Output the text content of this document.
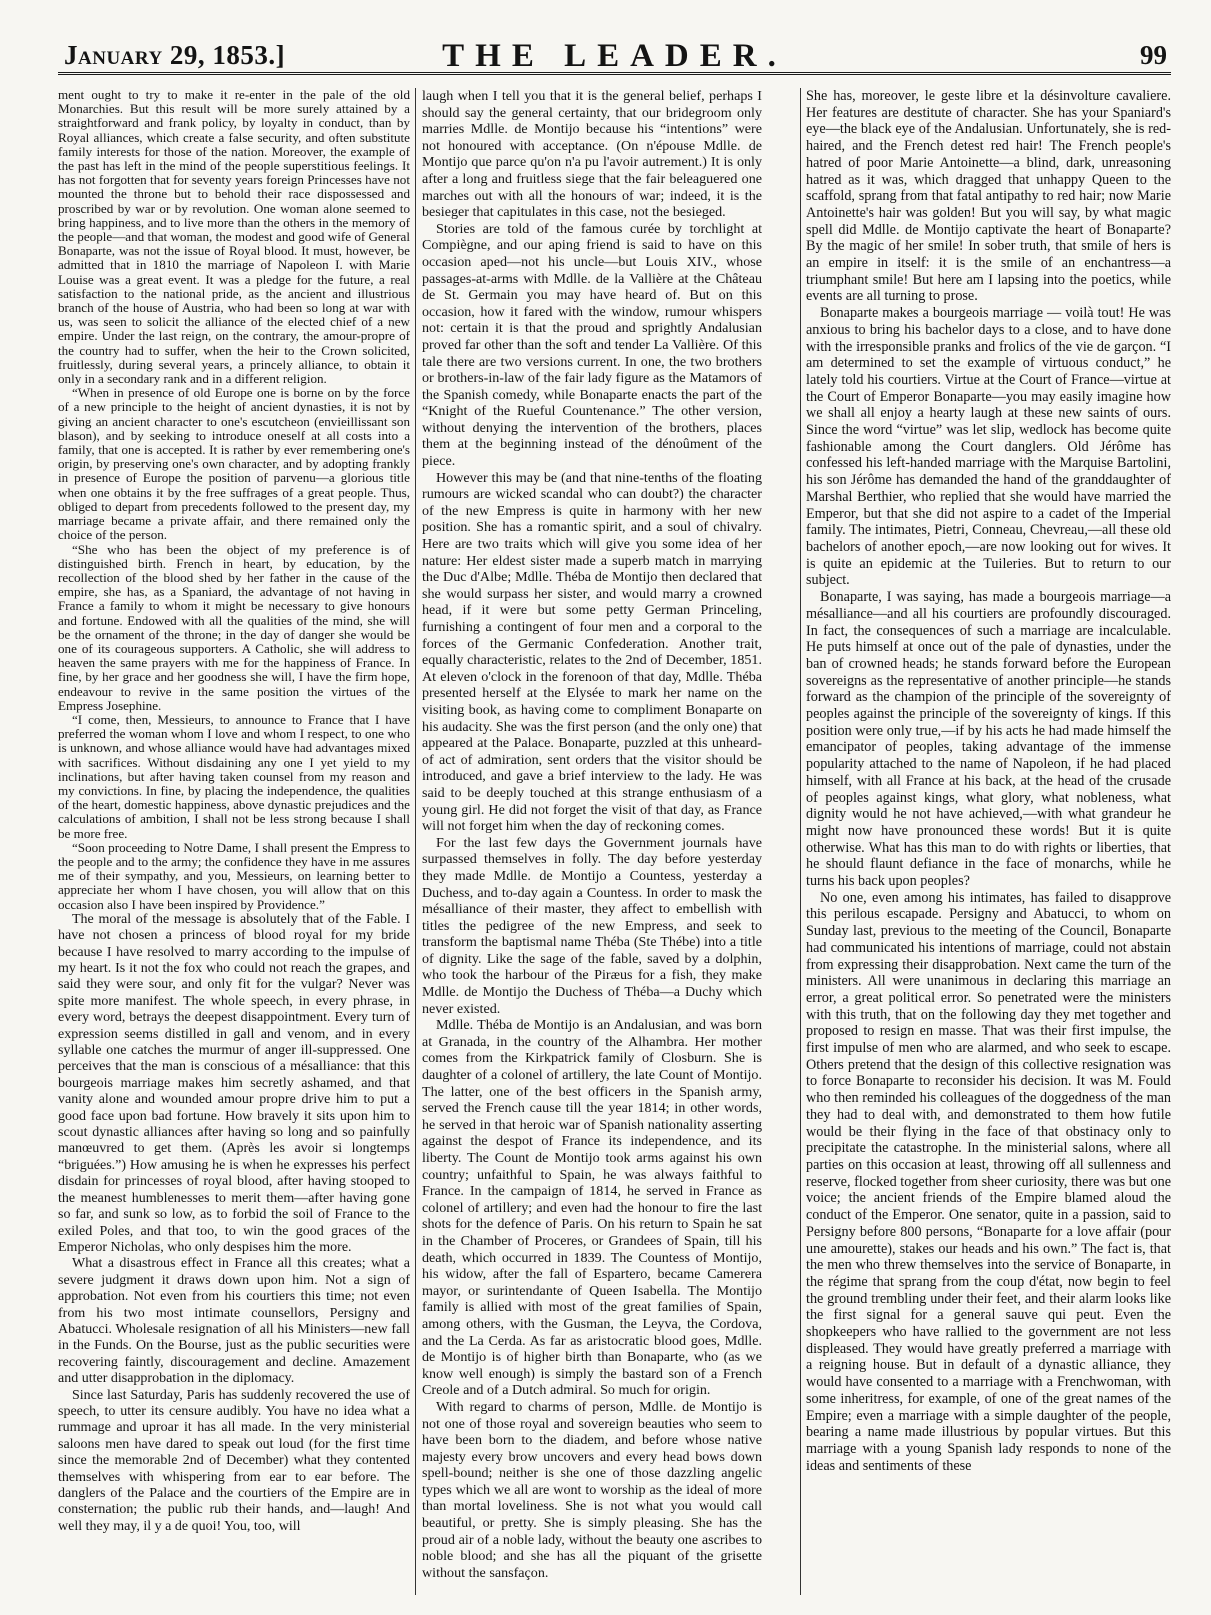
January 29, 1853.]	THE LEADER.	99

ment ought to try to make it re-enter in the pale of the old Monarchies. But this result will be more surely attained by a straightforward and frank policy, by loyalty in conduct, than by Royal alliances, which create a false security, and often substitute family interests for those of the nation. Moreover, the example of the past has left in the mind of the people superstitious feelings. It has not forgotten that for seventy years foreign Princesses have not mounted the throne but to behold their race dispossessed and proscribed by war or by revolution. One woman alone seemed to bring happiness, and to live more than the others in the memory of the people—and that woman, the modest and good wife of General Bonaparte, was not the issue of Royal blood. It must, however, be admitted that in 1810 the marriage of Napoleon I. with Marie Louise was a great event. It was a pledge for the future, a real satisfaction to the national pride, as the ancient and illustrious branch of the house of Austria, who had been so long at war with us, was seen to solicit the alliance of the elected chief of a new empire. Under the last reign, on the contrary, the amour-propre of the country had to suffer, when the heir to the Crown solicited, fruitlessly, during several years, a princely alliance, to obtain it only in a secondary rank and in a different religion.

“When in presence of old Europe one is borne on by the force of a new principle to the height of ancient dynasties, it is not by giving an ancient character to one's escutcheon (envieillissant son blason), and by seeking to introduce oneself at all costs into a family, that one is accepted. It is rather by ever remembering one's origin, by preserving one's own character, and by adopting frankly in presence of Europe the position of parvenu—a glorious title when one obtains it by the free suffrages of a great people. Thus, obliged to depart from precedents followed to the present day, my marriage became a private affair, and there remained only the choice of the person.

“She who has been the object of my preference is of distinguished birth. French in heart, by education, by the recollection of the blood shed by her father in the cause of the empire, she has, as a Spaniard, the advantage of not having in France a family to whom it might be necessary to give honours and fortune. Endowed with all the qualities of the mind, she will be the ornament of the throne; in the day of danger she would be one of its courageous supporters. A Catholic, she will address to heaven the same prayers with me for the happiness of France. In fine, by her grace and her goodness she will, I have the firm hope, endeavour to revive in the same position the virtues of the Empress Josephine.

“I come, then, Messieurs, to announce to France that I have preferred the woman whom I love and whom I respect, to one who is unknown, and whose alliance would have had advantages mixed with sacrifices. Without disdaining any one I yet yield to my inclinations, but after having taken counsel from my reason and my convictions. In fine, by placing the independence, the qualities of the heart, domestic happiness, above dynastic prejudices and the calculations of ambition, I shall not be less strong because I shall be more free.

“Soon proceeding to Notre Dame, I shall present the Empress to the people and to the army; the confidence they have in me assures me of their sympathy, and you, Messieurs, on learning better to appreciate her whom I have chosen, you will allow that on this occasion also I have been inspired by Providence.”

The moral of the message is absolutely that of the Fable. I have not chosen a princess of blood royal for my bride because I have resolved to marry according to the impulse of my heart. Is it not the fox who could not reach the grapes, and said they were sour, and only fit for the vulgar? Never was spite more manifest. The whole speech, in every phrase, in every word, betrays the deepest disappointment. Every turn of expression seems distilled in gall and venom, and in every syllable one catches the murmur of anger ill-suppressed. One perceives that the man is conscious of a mésalliance: that this bourgeois marriage makes him secretly ashamed, and that vanity alone and wounded amour propre drive him to put a good face upon bad fortune. How bravely it sits upon him to scout dynastic alliances after having so long and so painfully manœuvred to get them. (Après les avoir si longtemps “briguées.”) How amusing he is when he expresses his perfect disdain for princesses of royal blood, after having stooped to the meanest humblenesses to merit them—after having gone so far, and sunk so low, as to forbid the soil of France to the exiled Poles, and that too, to win the good graces of the Emperor Nicholas, who only despises him the more.

What a disastrous effect in France all this creates; what a severe judgment it draws down upon him. Not a sign of approbation. Not even from his courtiers this time; not even from his two most intimate counsellors, Persigny and Abatucci. Wholesale resignation of all his Ministers—new fall in the Funds. On the Bourse, just as the public securities were recovering faintly, discouragement and decline. Amazement and utter disapprobation in the diplomacy.

Since last Saturday, Paris has suddenly recovered the use of speech, to utter its censure audibly. You have no idea what a rummage and uproar it has all made. In the very ministerial saloons men have dared to speak out loud (for the first time since the memorable 2nd of December) what they contented themselves with whispering from ear to ear before. The danglers of the Palace and the courtiers of the Empire are in consternation; the public rub their hands, and—laugh! And well they may, il y a de quoi! You, too, will

laugh when I tell you that it is the general belief, perhaps I should say the general certainty, that our bridegroom only marries Mdlle. de Montijo because his “intentions” were not honoured with acceptance. (On n'épouse Mdlle. de Montijo que parce qu'on n'a pu l'avoir autrement.) It is only after a long and fruitless siege that the fair beleaguered one marches out with all the honours of war; indeed, it is the besieger that capitulates in this case, not the besieged.

Stories are told of the famous curée by torchlight at Compiègne, and our aping friend is said to have on this occasion aped—not his uncle—but Louis XIV., whose passages-at-arms with Mdlle. de la Vallière at the Château de St. Germain you may have heard of. But on this occasion, how it fared with the window, rumour whispers not: certain it is that the proud and sprightly Andalusian proved far other than the soft and tender La Vallière. Of this tale there are two versions current. In one, the two brothers or brothers-in-law of the fair lady figure as the Matamors of the Spanish comedy, while Bonaparte enacts the part of the “Knight of the Rueful Countenance.” The other version, without denying the intervention of the brothers, places them at the beginning instead of the dénoûment of the piece.

However this may be (and that nine-tenths of the floating rumours are wicked scandal who can doubt?) the character of the new Empress is quite in harmony with her new position. She has a romantic spirit, and a soul of chivalry. Here are two traits which will give you some idea of her nature: Her eldest sister made a superb match in marrying the Duc d'Albe; Mdlle. Théba de Montijo then declared that she would surpass her sister, and would marry a crowned head, if it were but some petty German Princeling, furnishing a contingent of four men and a corporal to the forces of the Germanic Confederation. Another trait, equally characteristic, relates to the 2nd of December, 1851. At eleven o'clock in the forenoon of that day, Mdlle. Théba presented herself at the Elysée to mark her name on the visiting book, as having come to compliment Bonaparte on his audacity. She was the first person (and the only one) that appeared at the Palace. Bonaparte, puzzled at this unheard-of act of admiration, sent orders that the visitor should be introduced, and gave a brief interview to the lady. He was said to be deeply touched at this strange enthusiasm of a young girl. He did not forget the visit of that day, as France will not forget him when the day of reckoning comes.

For the last few days the Government journals have surpassed themselves in folly. The day before yesterday they made Mdlle. de Montijo a Countess, yesterday a Duchess, and to-day again a Countess. In order to mask the mésalliance of their master, they affect to embellish with titles the pedigree of the new Empress, and seek to transform the baptismal name Théba (Ste Thébe) into a title of dignity. Like the sage of the fable, saved by a dolphin, who took the harbour of the Piræus for a fish, they make Mdlle. de Montijo the Duchess of Théba—a Duchy which never existed.

Mdlle. Théba de Montijo is an Andalusian, and was born at Granada, in the country of the Alhambra. Her mother comes from the Kirkpatrick family of Closburn. She is daughter of a colonel of artillery, the late Count of Montijo. The latter, one of the best officers in the Spanish army, served the French cause till the year 1814; in other words, he served in that heroic war of Spanish nationality asserting against the despot of France its independence, and its liberty. The Count de Montijo took arms against his own country; unfaithful to Spain, he was always faithful to France. In the campaign of 1814, he served in France as colonel of artillery; and even had the honour to fire the last shots for the defence of Paris. On his return to Spain he sat in the Chamber of Proceres, or Grandees of Spain, till his death, which occurred in 1839. The Countess of Montijo, his widow, after the fall of Espartero, became Camerera mayor, or surintendante of Queen Isabella. The Montijo family is allied with most of the great families of Spain, among others, with the Gusman, the Leyva, the Cordova, and the La Cerda. As far as aristocratic blood goes, Mdlle. de Montijo is of higher birth than Bonaparte, who (as we know well enough) is simply the bastard son of a French Creole and of a Dutch admiral. So much for origin.

With regard to charms of person, Mdlle. de Montijo is not one of those royal and sovereign beauties who seem to have been born to the diadem, and before whose native majesty every brow uncovers and every head bows down spell-bound; neither is she one of those dazzling angelic types which we all are wont to worship as the ideal of more than mortal loveliness. She is not what you would call beautiful, or pretty. She is simply pleasing. She has the proud air of a noble lady, without the beauty one ascribes to noble blood; and she has all the piquant of the grisette without the sansfaçon.

She has, moreover, le geste libre et la désinvolture cavaliere. Her features are destitute of character. She has your Spaniard's eye—the black eye of the Andalusian. Unfortunately, she is red-haired, and the French detest red hair! The French people's hatred of poor Marie Antoinette—a blind, dark, unreasoning hatred as it was, which dragged that unhappy Queen to the scaffold, sprang from that fatal antipathy to red hair; now Marie Antoinette's hair was golden! But you will say, by what magic spell did Mdlle. de Montijo captivate the heart of Bonaparte? By the magic of her smile! In sober truth, that smile of hers is an empire in itself: it is the smile of an enchantress—a triumphant smile! But here am I lapsing into the poetics, while events are all turning to prose.

Bonaparte makes a bourgeois marriage — voilà tout! He was anxious to bring his bachelor days to a close, and to have done with the irresponsible pranks and frolics of the vie de garçon. “I am determined to set the example of virtuous conduct,” he lately told his courtiers. Virtue at the Court of France—virtue at the Court of Emperor Bonaparte—you may easily imagine how we shall all enjoy a hearty laugh at these new saints of ours. Since the word “virtue” was let slip, wedlock has become quite fashionable among the Court danglers. Old Jérôme has confessed his left-handed marriage with the Marquise Bartolini, his son Jérôme has demanded the hand of the granddaughter of Marshal Berthier, who replied that she would have married the Emperor, but that she did not aspire to a cadet of the Imperial family. The intimates, Pietri, Conneau, Chevreau,—all these old bachelors of another epoch,—are now looking out for wives. It is quite an epidemic at the Tuileries. But to return to our subject.

Bonaparte, I was saying, has made a bourgeois marriage—a mésalliance—and all his courtiers are profoundly discouraged. In fact, the consequences of such a marriage are incalculable. He puts himself at once out of the pale of dynasties, under the ban of crowned heads; he stands forward before the European sovereigns as the representative of another principle—he stands forward as the champion of the principle of the sovereignty of peoples against the principle of the sovereignty of kings. If this position were only true,—if by his acts he had made himself the emancipator of peoples, taking advantage of the immense popularity attached to the name of Napoleon, if he had placed himself, with all France at his back, at the head of the crusade of peoples against kings, what glory, what nobleness, what dignity would he not have achieved,—with what grandeur he might now have pronounced these words! But it is quite otherwise. What has this man to do with rights or liberties, that he should flaunt defiance in the face of monarchs, while he turns his back upon peoples?

No one, even among his intimates, has failed to disapprove this perilous escapade. Persigny and Abatucci, to whom on Sunday last, previous to the meeting of the Council, Bonaparte had communicated his intentions of marriage, could not abstain from expressing their disapprobation. Next came the turn of the ministers. All were unanimous in declaring this marriage an error, a great political error. So penetrated were the ministers with this truth, that on the following day they met together and proposed to resign en masse. That was their first impulse, the first impulse of men who are alarmed, and who seek to escape. Others pretend that the design of this collective resignation was to force Bonaparte to reconsider his decision. It was M. Fould who then reminded his colleagues of the doggedness of the man they had to deal with, and demonstrated to them how futile would be their flying in the face of that obstinacy only to precipitate the catastrophe. In the ministerial salons, where all parties on this occasion at least, throwing off all sullenness and reserve, flocked together from sheer curiosity, there was but one voice; the ancient friends of the Empire blamed aloud the conduct of the Emperor. One senator, quite in a passion, said to Persigny before 800 persons, “Bonaparte for a love affair (pour une amourette), stakes our heads and his own.” The fact is, that the men who threw themselves into the service of Bonaparte, in the régime that sprang from the coup d'état, now begin to feel the ground trembling under their feet, and their alarm looks like the first signal for a general sauve qui peut. Even the shopkeepers who have rallied to the government are not less displeased. They would have greatly preferred a marriage with a reigning house. But in default of a dynastic alliance, they would have consented to a marriage with a Frenchwoman, with some inheritress, for example, of one of the great names of the Empire; even a marriage with a simple daughter of the people, bearing a name made illustrious by popular virtues. But this marriage with a young Spanish lady responds to none of the ideas and sentiments of these
